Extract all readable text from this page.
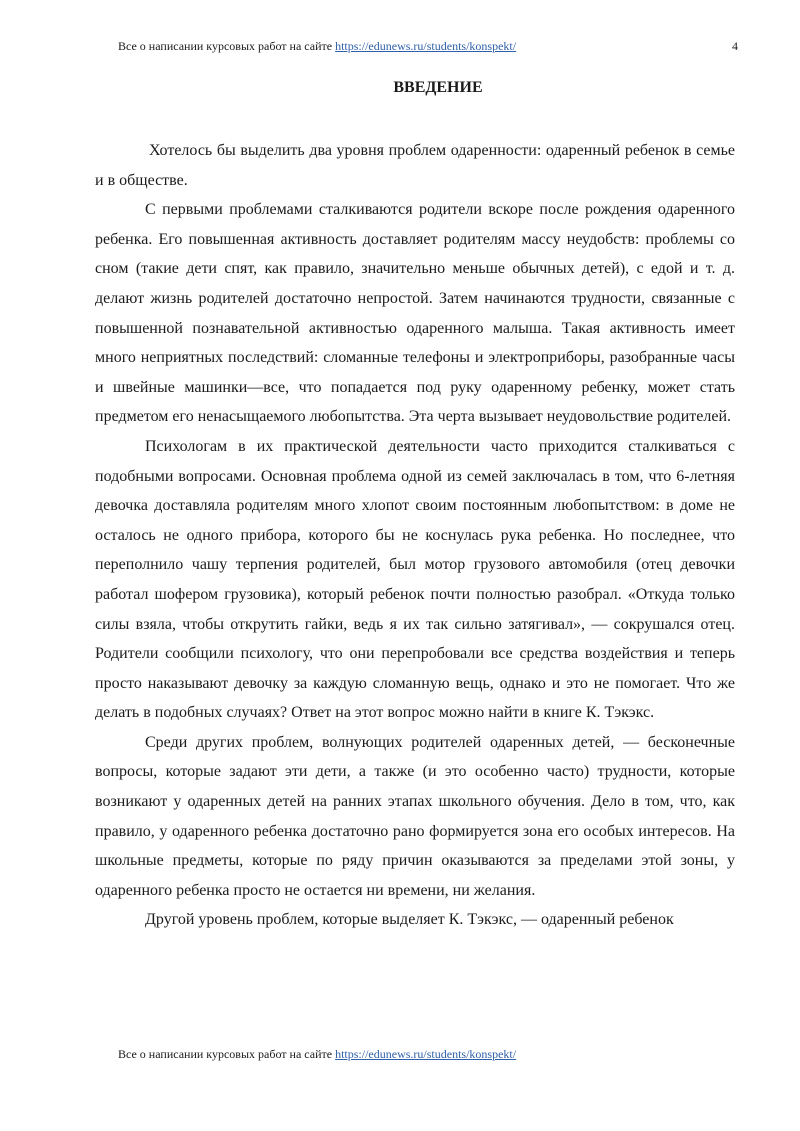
Все о написании курсовых работ на сайте https://edunews.ru/students/konspekt/	4
ВВЕДЕНИЕ

Хотелось бы выделить два уровня проблем одаренности: одаренный ребенок в семье и в обществе.

С первыми проблемами сталкиваются родители вскоре после рождения одаренного ребенка. Его повышенная активность доставляет родителям массу неудобств: проблемы со сном (такие дети спят, как правило, значительно меньше обычных детей), с едой и т. д. делают жизнь родителей достаточно непростой. Затем начинаются трудности, связанные с повышенной познавательной активностью одаренного малыша. Такая активность имеет много неприятных последствий: сломанные телефоны и электроприборы, разобранные часы и швейные машинки—все, что попадается под руку одаренному ребенку, может стать предметом его ненасыщаемого любопытства. Эта черта вызывает неудовольствие родителей.

Психологам в их практической деятельности часто приходится сталкиваться с подобными вопросами. Основная проблема одной из семей заключалась в том, что 6-летняя девочка доставляла родителям много хлопот своим постоянным любопытством: в доме не осталось не одного прибора, которого бы не коснулась рука ребенка. Но последнее, что переполнило чашу терпения родителей, был мотор грузового автомобиля (отец девочки работал шофером грузовика), который ребенок почти полностью разобрал. «Откуда только силы взяла, чтобы открутить гайки, ведь я их так сильно затягивал», — сокрушался отец. Родители сообщили психологу, что они перепробовали все средства воздействия и теперь просто наказывают девочку за каждую сломанную вещь, однако и это не помогает. Что же делать в подобных случаях? Ответ на этот вопрос можно найти в книге К. Тэкэкс.

Среди других проблем, волнующих родителей одаренных детей, — бесконечные вопросы, которые задают эти дети, а также (и это особенно часто) трудности, которые возникают у одаренных детей на ранних этапах школьного обучения. Дело в том, что, как правило, у одаренного ребенка достаточно рано формируется зона его особых интересов. На школьные предметы, которые по ряду причин оказываются за пределами этой зоны, у одаренного ребенка просто не остается ни времени, ни желания.

Другой уровень проблем, которые выделяет К. Тэкэкс, — одаренный ребенок

Все о написании курсовых работ на сайте https://edunews.ru/students/konspekt/
